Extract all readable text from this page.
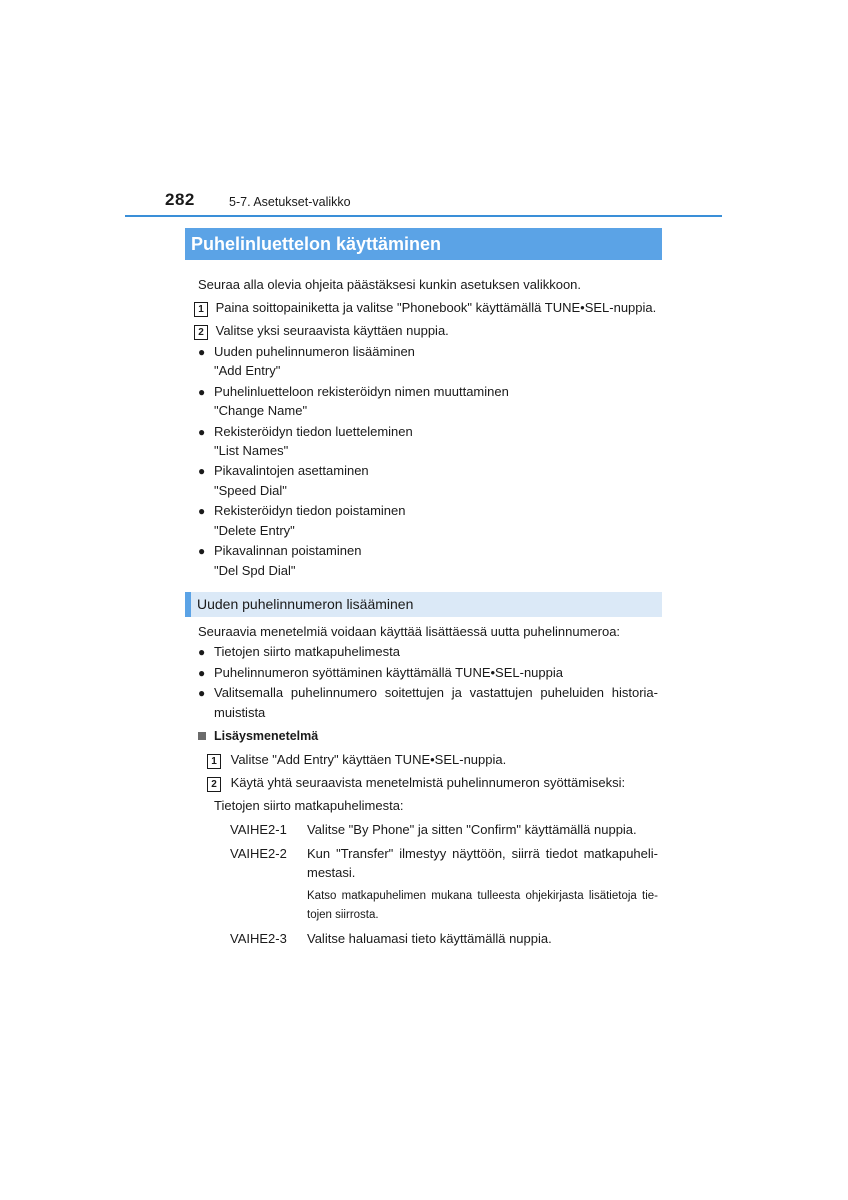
282	5-7. Asetukset-valikko
Puhelinluettelon käyttäminen
Seuraa alla olevia ohjeita päästäksesi kunkin asetuksen valikkoon.
1 Paina soittopainiketta ja valitse "Phonebook" käyttämällä TUNE•SEL-nuppia.
2 Valitse yksi seuraavista käyttäen nuppia.
● Uuden puhelinnumeron lisääminen
"Add Entry"
● Puhelinluetteloon rekisteröidyn nimen muuttaminen
"Change Name"
● Rekisteröidyn tiedon luetteleminen
"List Names"
● Pikavalintojen asettaminen
"Speed Dial"
● Rekisteröidyn tiedon poistaminen
"Delete Entry"
● Pikavalinnan poistaminen
"Del Spd Dial"
Uuden puhelinnumeron lisääminen
Seuraavia menetelmiä voidaan käyttää lisättäessä uutta puhelinnumeroa:
● Tietojen siirto matkapuhelimesta
● Puhelinnumeron syöttäminen käyttämällä TUNE•SEL-nuppia
● Valitsemalla puhelinnumero soitettujen ja vastattujen puheluiden historia-
muistista
Lisäysmenetelmä
1 Valitse "Add Entry" käyttäen TUNE•SEL-nuppia.
2 Käytä yhtä seuraavista menetelmistä puhelinnumeron syöttämiseksi:
Tietojen siirto matkapuhelimesta:
VAIHE2-1 Valitse "By Phone" ja sitten "Confirm" käyttämällä nuppia.
VAIHE2-2 Kun "Transfer" ilmestyy näyttöön, siirrä tiedot matkapuheli-
mestasi.
Katso matkapuhelimen mukana tulleesta ohjekirjasta lisätietoja tie-
tojen siirrosta.
VAIHE2-3 Valitse haluamasi tieto käyttämällä nuppia.
